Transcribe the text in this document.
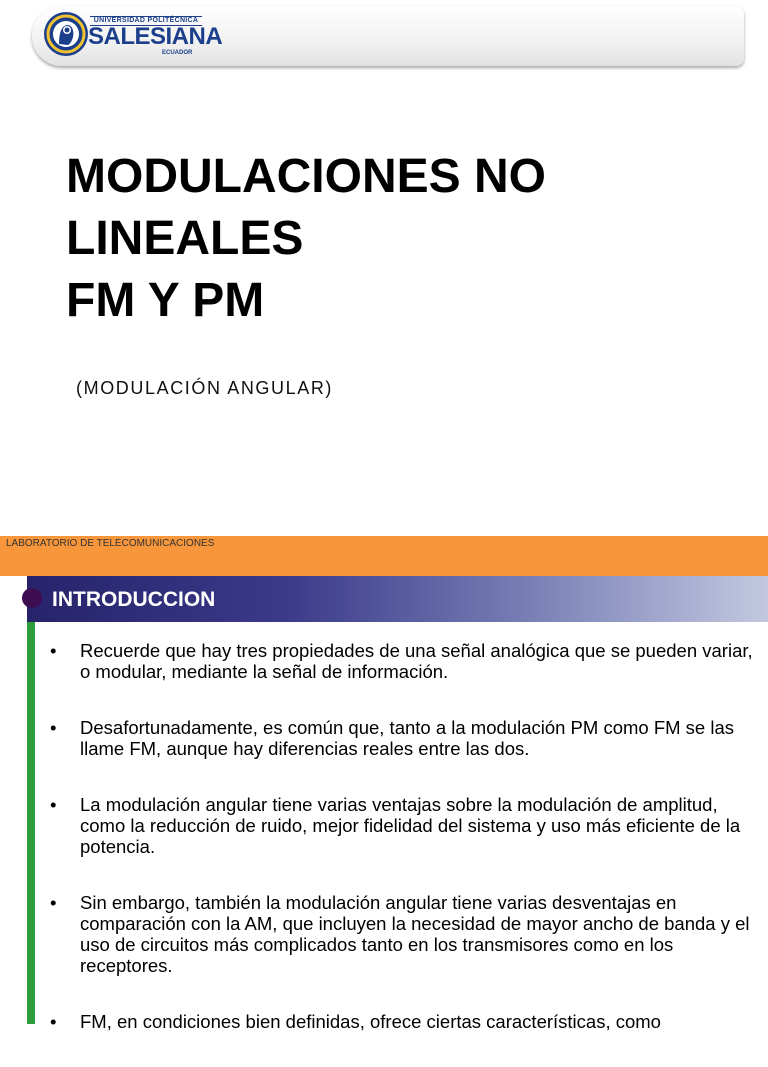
UNIVERSIDAD POLITÉCNICA
SALESIANA
ECUADOR
MODULACIONES NO
LINEALES
FM Y PM
(MODULACIÓN ANGULAR)
LABORATORIO DE TELECOMUNICACIONES
INTRODUCCION
• Recuerde que hay tres propiedades de una señal analógica que se pueden variar, o modular, mediante la señal de información.
• Desafortunadamente, es común que, tanto a la modulación PM como FM se las llame FM, aunque hay diferencias reales entre las dos.
• La modulación angular tiene varias ventajas sobre la modulación de amplitud, como la reducción de ruido, mejor fidelidad del sistema y uso más eficiente de la potencia.
• Sin embargo, también la modulación angular tiene varias desventajas en comparación con la AM, que incluyen la necesidad de mayor ancho de banda y el uso de circuitos más complicados tanto en los transmisores como en los receptores.
• FM, en condiciones bien definidas, ofrece ciertas características, como
